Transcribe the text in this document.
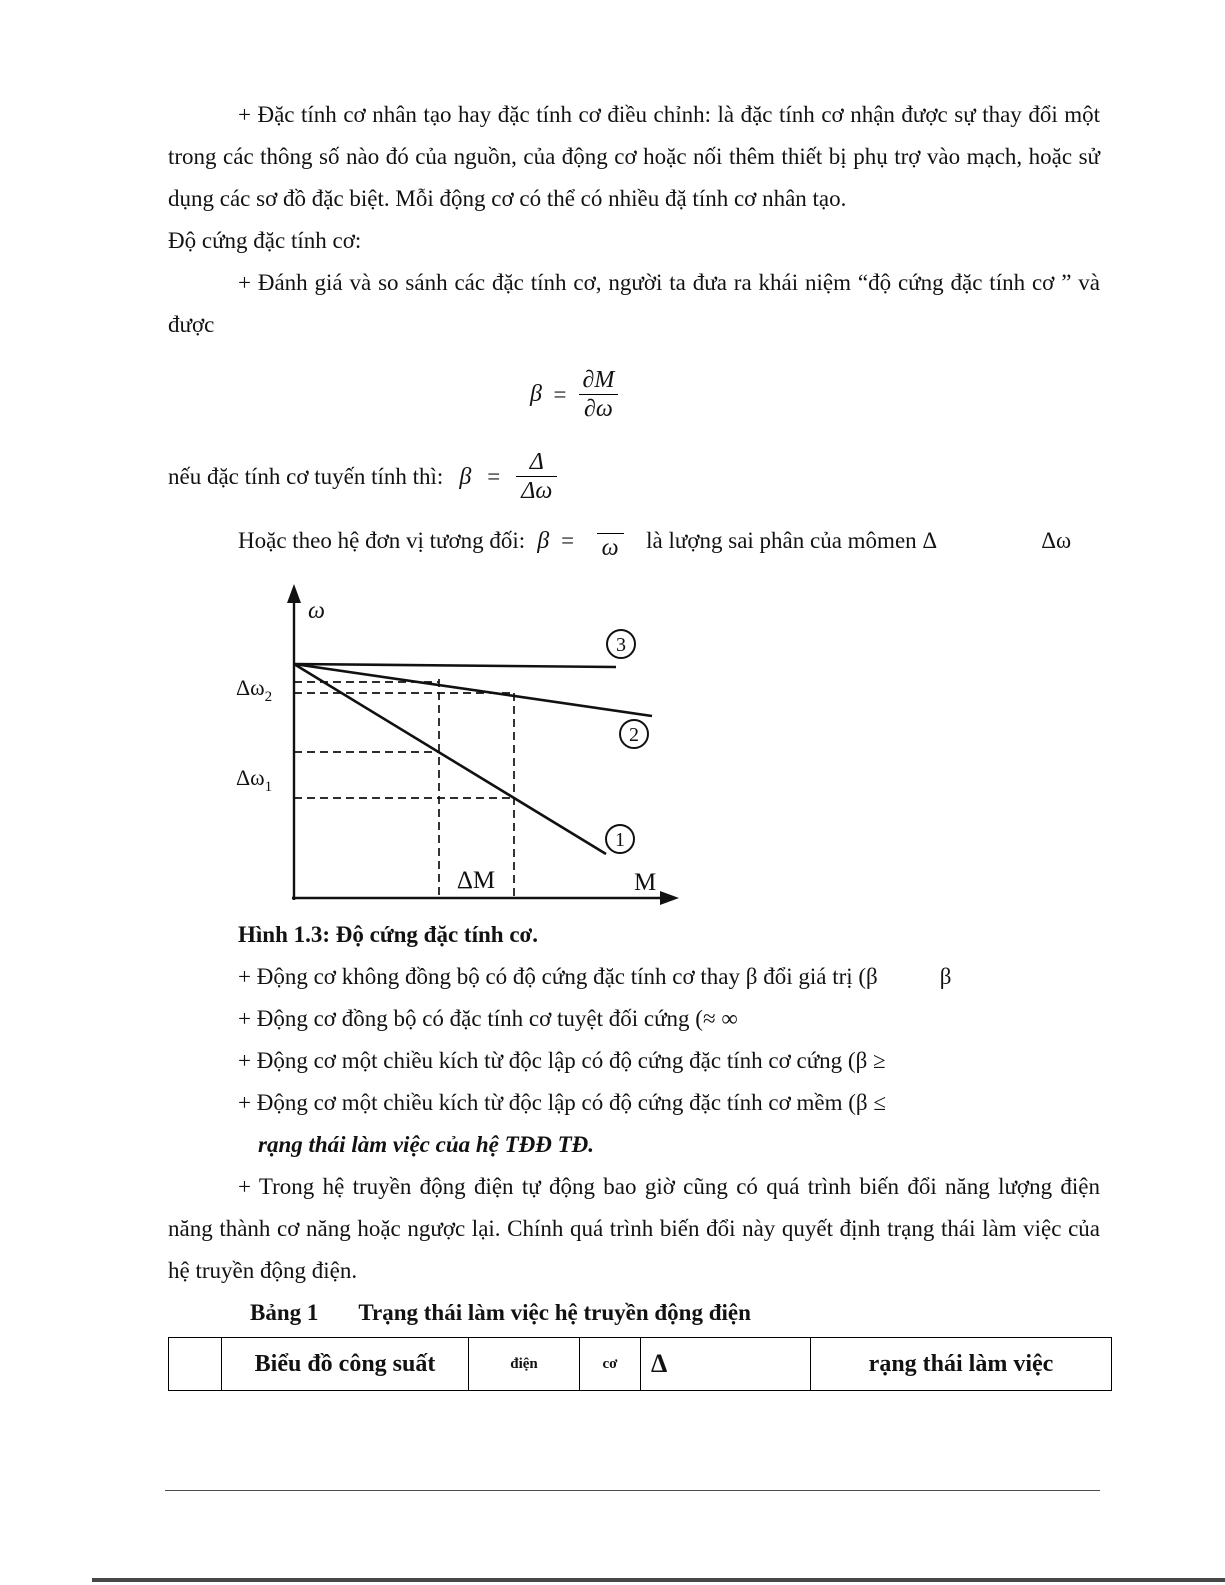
+ Đặc tính cơ nhân tạo hay đặc tính cơ điều chỉnh: là đặc tính cơ nhận được sự thay đổi một trong các thông số nào đó của nguồn, của động cơ hoặc nối thêm thiết bị phụ trợ vào mạch, hoặc sử dụng các sơ đồ đặc biệt. Mỗi động cơ có thể có nhiều đặ tính cơ nhân tạo.
Độ cứng đặc tính cơ:
+ Đánh giá và so sánh các đặc tính cơ, người ta đưa ra khái niệm “độ cứng đặc tính cơ ” và được
$\beta = \frac{\partial M}{\partial\omega}$
nếu đặc tính cơ tuyến tính thì: $\beta = \frac{\Delta}{\Delta\omega}$
Hoặc theo hệ đơn vị tương đối: β = ω là lượng sai phân của mômen Δ	Δω
3
2
1
ω
M
ΔM
$\Delta\omega_2$
$\Delta\omega_1$
Hình 1.3: Độ cứng đặc tính cơ.
+ Động cơ không đồng bộ có độ cứng đặc tính cơ thay β đổi giá trị (β	β
+ Động cơ đồng bộ có đặc tính cơ tuyệt đối cứng (≈ ∞
+ Động cơ một chiều kích từ độc lập có độ cứng đặc tính cơ cứng (β ≥
+ Động cơ một chiều kích từ độc lập có độ cứng đặc tính cơ mềm (β ≤
rạng thái làm việc của hệ TĐĐ TĐ.
+ Trong hệ truyền động điện tự động bao giờ cũng có quá trình biến đổi năng lượng điện năng thành cơ năng hoặc ngược lại. Chính quá trình biến đổi này quyết định trạng thái làm việc của hệ truyền động điện.
Bảng 1 Trạng thái làm việc hệ truyền động điện
	Biểu đồ công suất	điện	cơ	Δ	rạng thái làm việc
